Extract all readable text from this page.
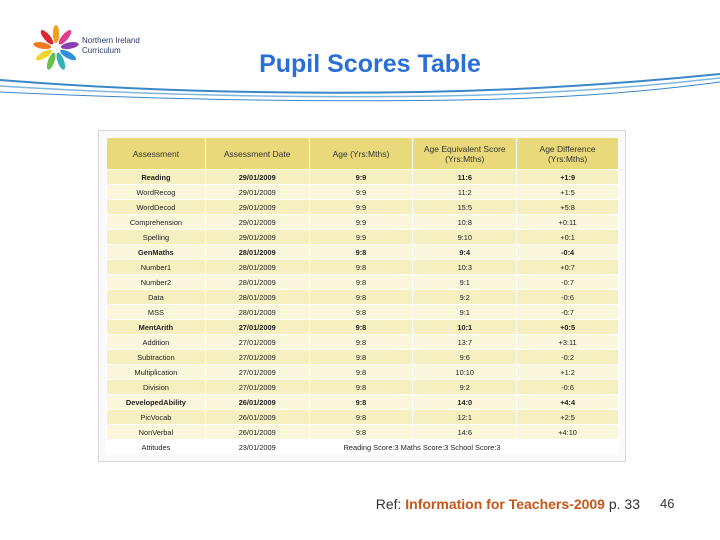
Northern Ireland
Curriculum	Pupil Scores Table
Assessment	Assessment Date	Age (Yrs:Mths)	Age Equivalent Score (Yrs:Mths)	Age Difference (Yrs:Mths)
Reading	29/01/2009	9:9	11:6	+1:9
WordRecog	29/01/2009	9:9	11:2	+1:5
WordDecod	29/01/2009	9:9	15:5	+5:8
Comprehension	29/01/2009	9:9	10:8	+0:11
Spelling	29/01/2009	9:9	9:10	+0:1
GenMaths	28/01/2009	9:8	9:4	-0:4
Number1	28/01/2009	9:8	10:3	+0:7
Number2	28/01/2009	9:8	9:1	-0:7
Data	28/01/2009	9:8	9:2	-0:6
MSS	28/01/2009	9:8	9:1	-0:7
MentArith	27/01/2009	9:8	10:1	+0:5
Addition	27/01/2009	9:8	13:7	+3:11
Subtraction	27/01/2009	9:8	9:6	-0:2
Multiplication	27/01/2009	9:8	10:10	+1:2
Division	27/01/2009	9:8	9:2	-0:6
DevelopedAbility	26/01/2009	9:8	14:0	+4:4
PicVocab	26/01/2009	9:8	12:1	+2:5
NonVerbal	26/01/2009	9:8	14:6	+4:10
Attitudes	23/01/2009	Reading Score:3 Maths Score:3 School Score:3		
Ref: Information for Teachers-2009 p. 33 46
